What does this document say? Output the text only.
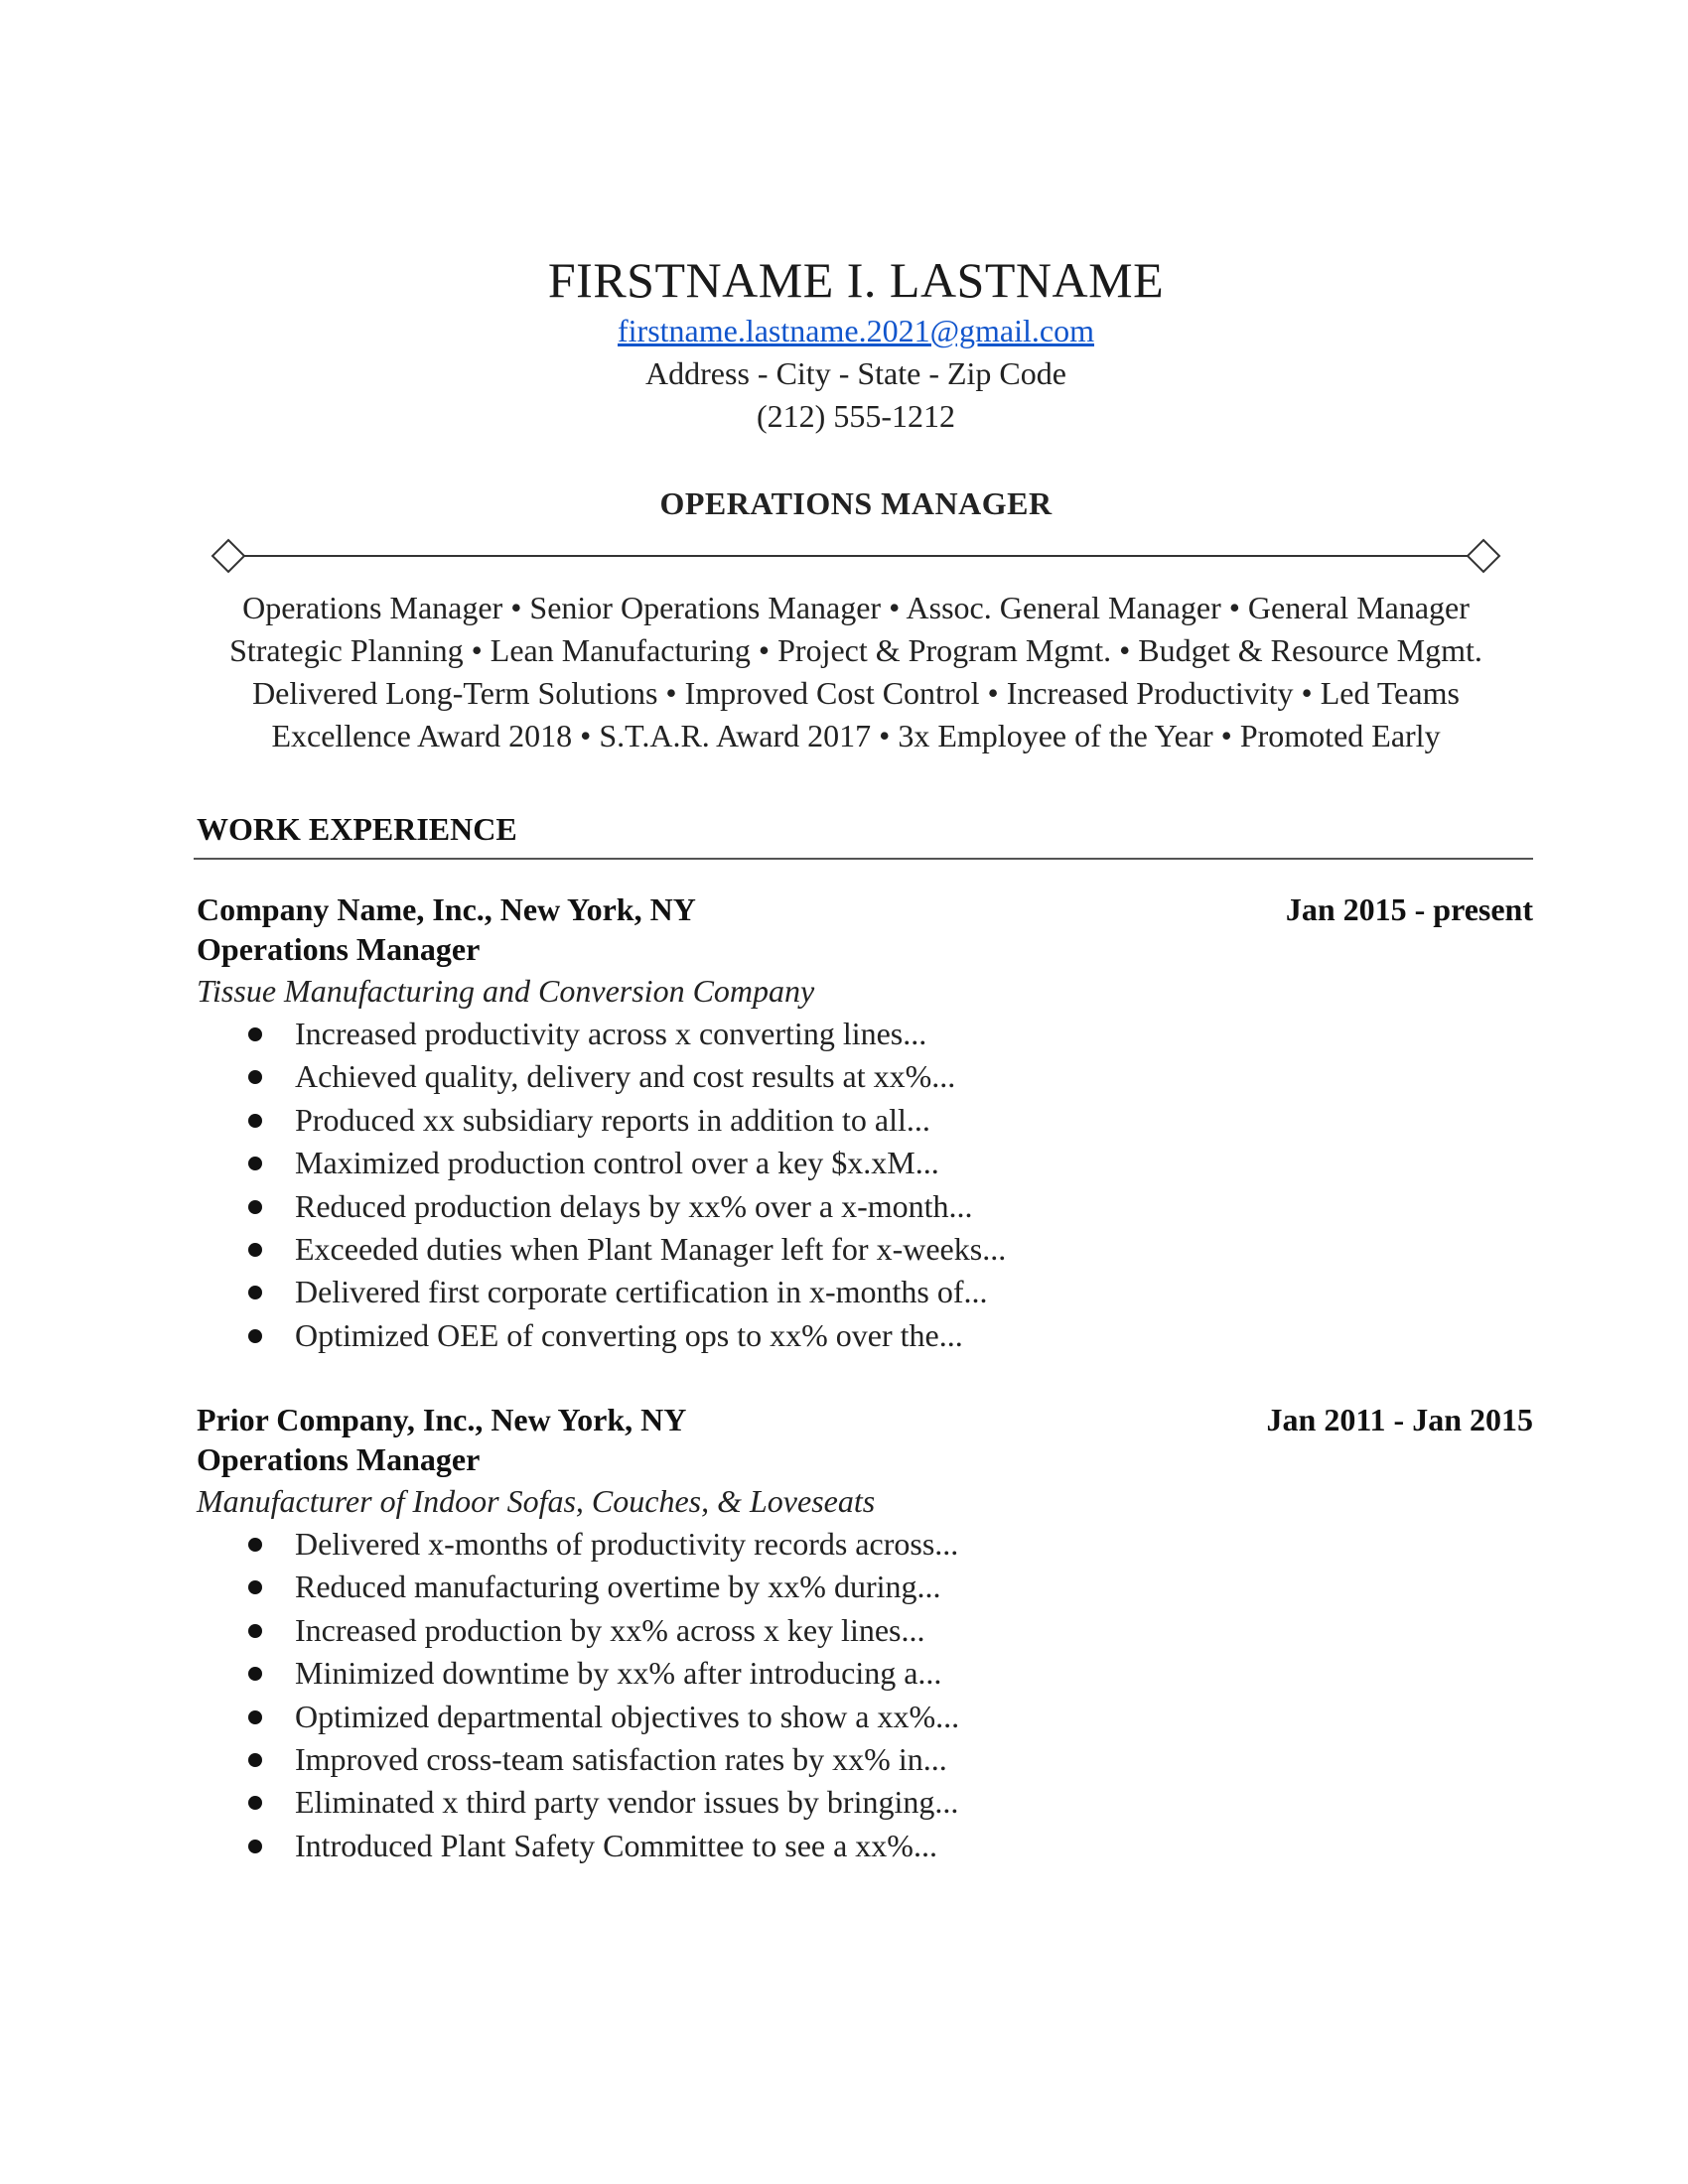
FIRSTNAME I. LASTNAME
firstname.lastname.2021@gmail.com
Address - City - State - Zip Code
(212) 555-1212
OPERATIONS MANAGER
Operations Manager • Senior Operations Manager • Assoc. General Manager • General Manager
Strategic Planning • Lean Manufacturing • Project & Program Mgmt. • Budget & Resource Mgmt.
Delivered Long-Term Solutions • Improved Cost Control • Increased Productivity • Led Teams
Excellence Award 2018 • S.T.A.R. Award 2017 • 3x Employee of the Year • Promoted Early
WORK EXPERIENCE
Company Name, Inc., New York, NY	Jan 2015 - present
Operations Manager
Tissue Manufacturing and Conversion Company
Increased productivity across x converting lines...
Achieved quality, delivery and cost results at xx%...
Produced xx subsidiary reports in addition to all...
Maximized production control over a key $x.xM...
Reduced production delays by xx% over a x-month...
Exceeded duties when Plant Manager left for x-weeks...
Delivered first corporate certification in x-months of...
Optimized OEE of converting ops to xx% over the...
Prior Company, Inc., New York, NY	Jan 2011 - Jan 2015
Operations Manager
Manufacturer of Indoor Sofas, Couches, & Loveseats
Delivered x-months of productivity records across...
Reduced manufacturing overtime by xx% during...
Increased production by xx% across x key lines...
Minimized downtime by xx% after introducing a...
Optimized departmental objectives to show a xx%...
Improved cross-team satisfaction rates by xx% in...
Eliminated x third party vendor issues by bringing...
Introduced Plant Safety Committee to see a xx%...
